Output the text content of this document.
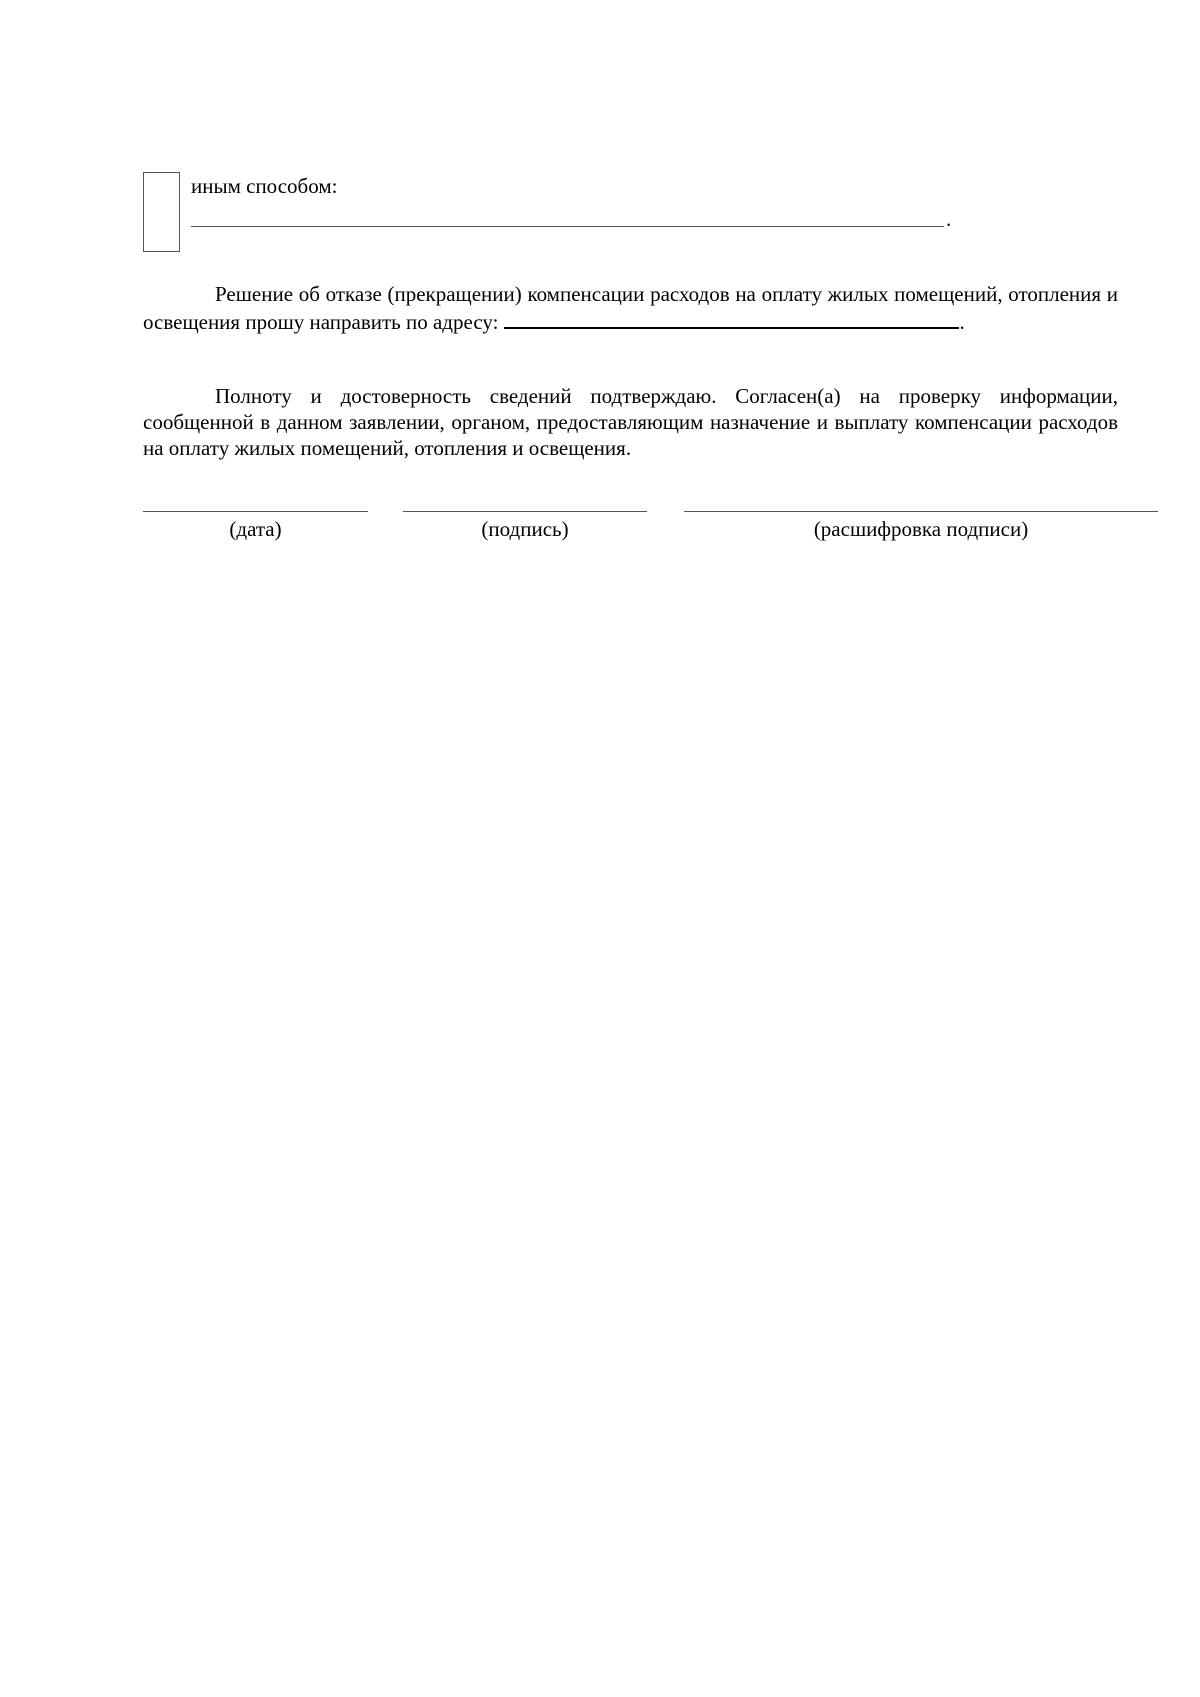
иным способом:
.

Решение об отказе (прекращении) компенсации расходов на оплату жилых помещений, отопления и освещения прошу направить по адресу:	.

Полноту и достоверность сведений подтверждаю. Согласен(а) на проверку информации, сообщенной в данном заявлении, органом, предоставляющим назначение и выплату компенсации расходов на оплату жилых помещений, отопления и освещения.

(дата)	(подпись)	(расшифровка подписи)
